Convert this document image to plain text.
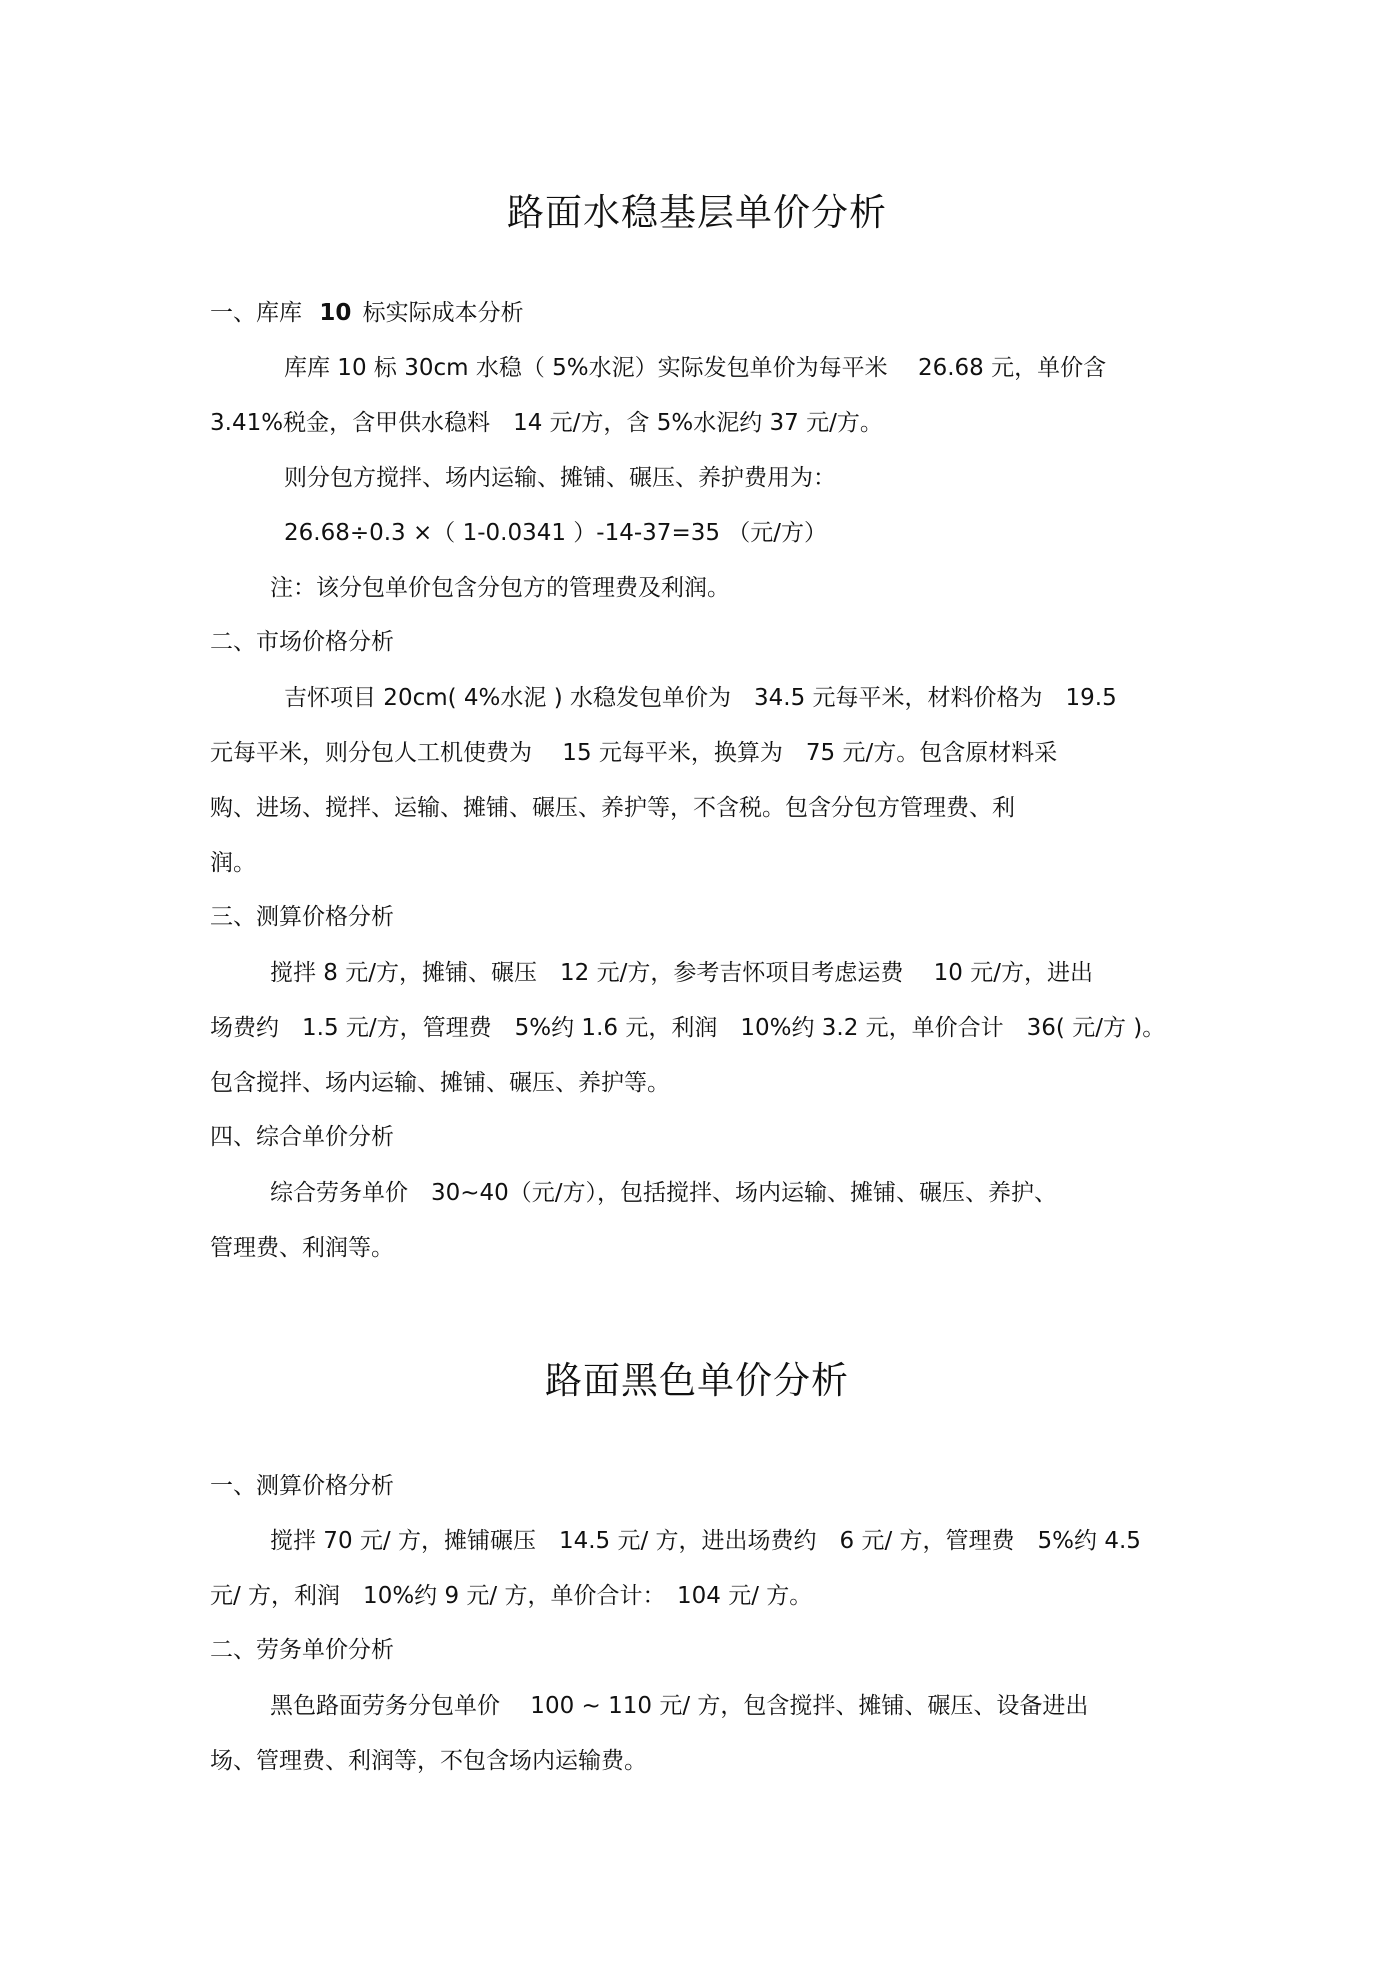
路面水稳基层单价分析
一、库库 10 标实际成本分析
库库 10 标 30cm 水稳（ 5%水泥）实际发包单价为每平米　 26.68 元，单价含
3.41%税金，含甲供水稳料　14 元/方，含 5%水泥约 37 元/方。
则分包方搅拌、场内运输、摊铺、碾压、养护费用为：
26.68÷0.3 ×（ 1-0.0341 ）-14-37=35 （元/方）
注：该分包单价包含分包方的管理费及利润。
二、市场价格分析
吉怀项目 20cm( 4%水泥 ) 水稳发包单价为　34.5 元每平米，材料价格为　19.5
元每平米，则分包人工机使费为　 15 元每平米，换算为　75 元/方。包含原材料采
购、进场、搅拌、运输、摊铺、碾压、养护等，不含税。包含分包方管理费、利
润。
三、测算价格分析
搅拌 8 元/方，摊铺、碾压　12 元/方，参考吉怀项目考虑运费　 10 元/方，进出
场费约　1.5 元/方，管理费　5%约 1.6 元，利润　10%约 3.2 元，单价合计　36( 元/方 )。
包含搅拌、场内运输、摊铺、碾压、养护等。
四、综合单价分析
综合劳务单价　30~40（元/方），包括搅拌、场内运输、摊铺、碾压、养护、
管理费、利润等。
路面黑色单价分析
一、测算价格分析
搅拌 70 元/ 方，摊铺碾压　14.5 元/ 方，进出场费约　6 元/ 方，管理费　5%约 4.5
元/ 方，利润　10%约 9 元/ 方，单价合计：　104 元/ 方。
二、劳务单价分析
黑色路面劳务分包单价　 100 ~ 110 元/ 方，包含搅拌、摊铺、碾压、设备进出
场、管理费、利润等，不包含场内运输费。
